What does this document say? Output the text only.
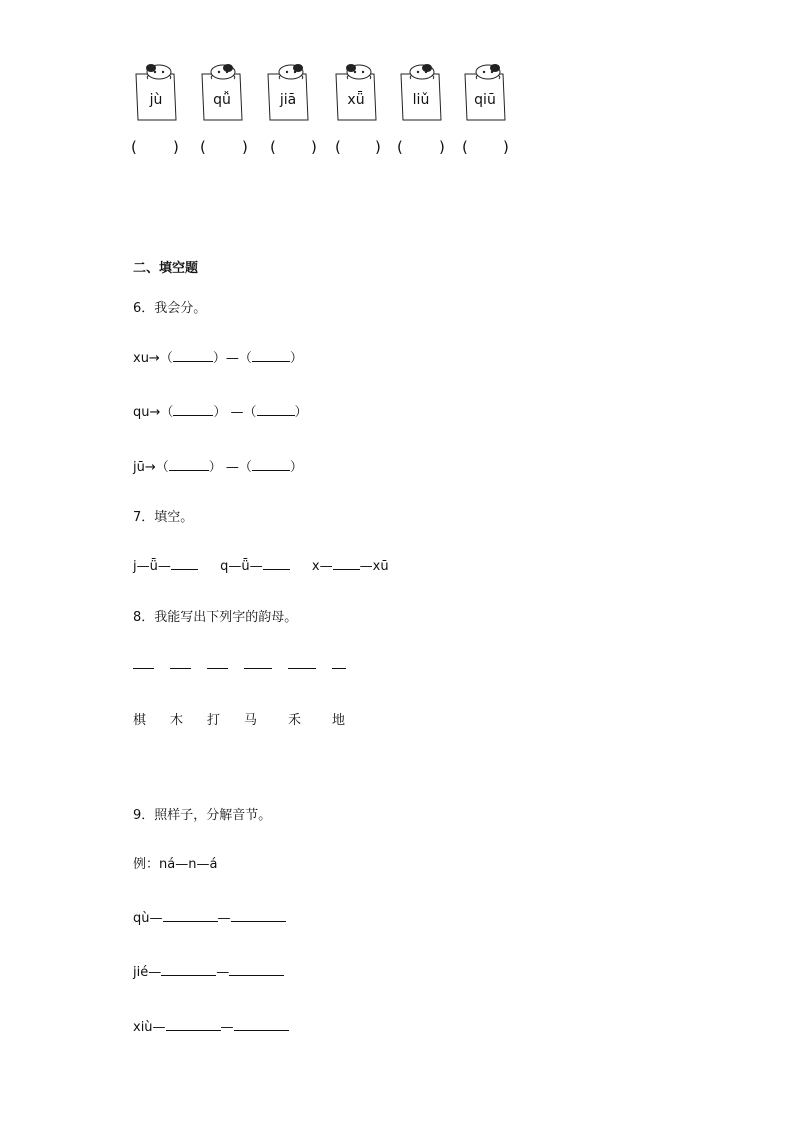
jù	qǚ	jiā	xǖ	liǔ	qiū
( ) ( ) ( ) ( ) ( ) ( )
二、填空题
6．我会分。
xu→（	）—（	）
qu→（	） —（	）
jū→（	） —（	）
7．填空。
j—ǖ—	q—ǖ—	x— —xū
8．我能写出下列字的韵母。
棋 木 打 马 禾 地
9．照样子，分解音节。
例：ná—n—á
qù—	—
jié—	—
xiù—	—
